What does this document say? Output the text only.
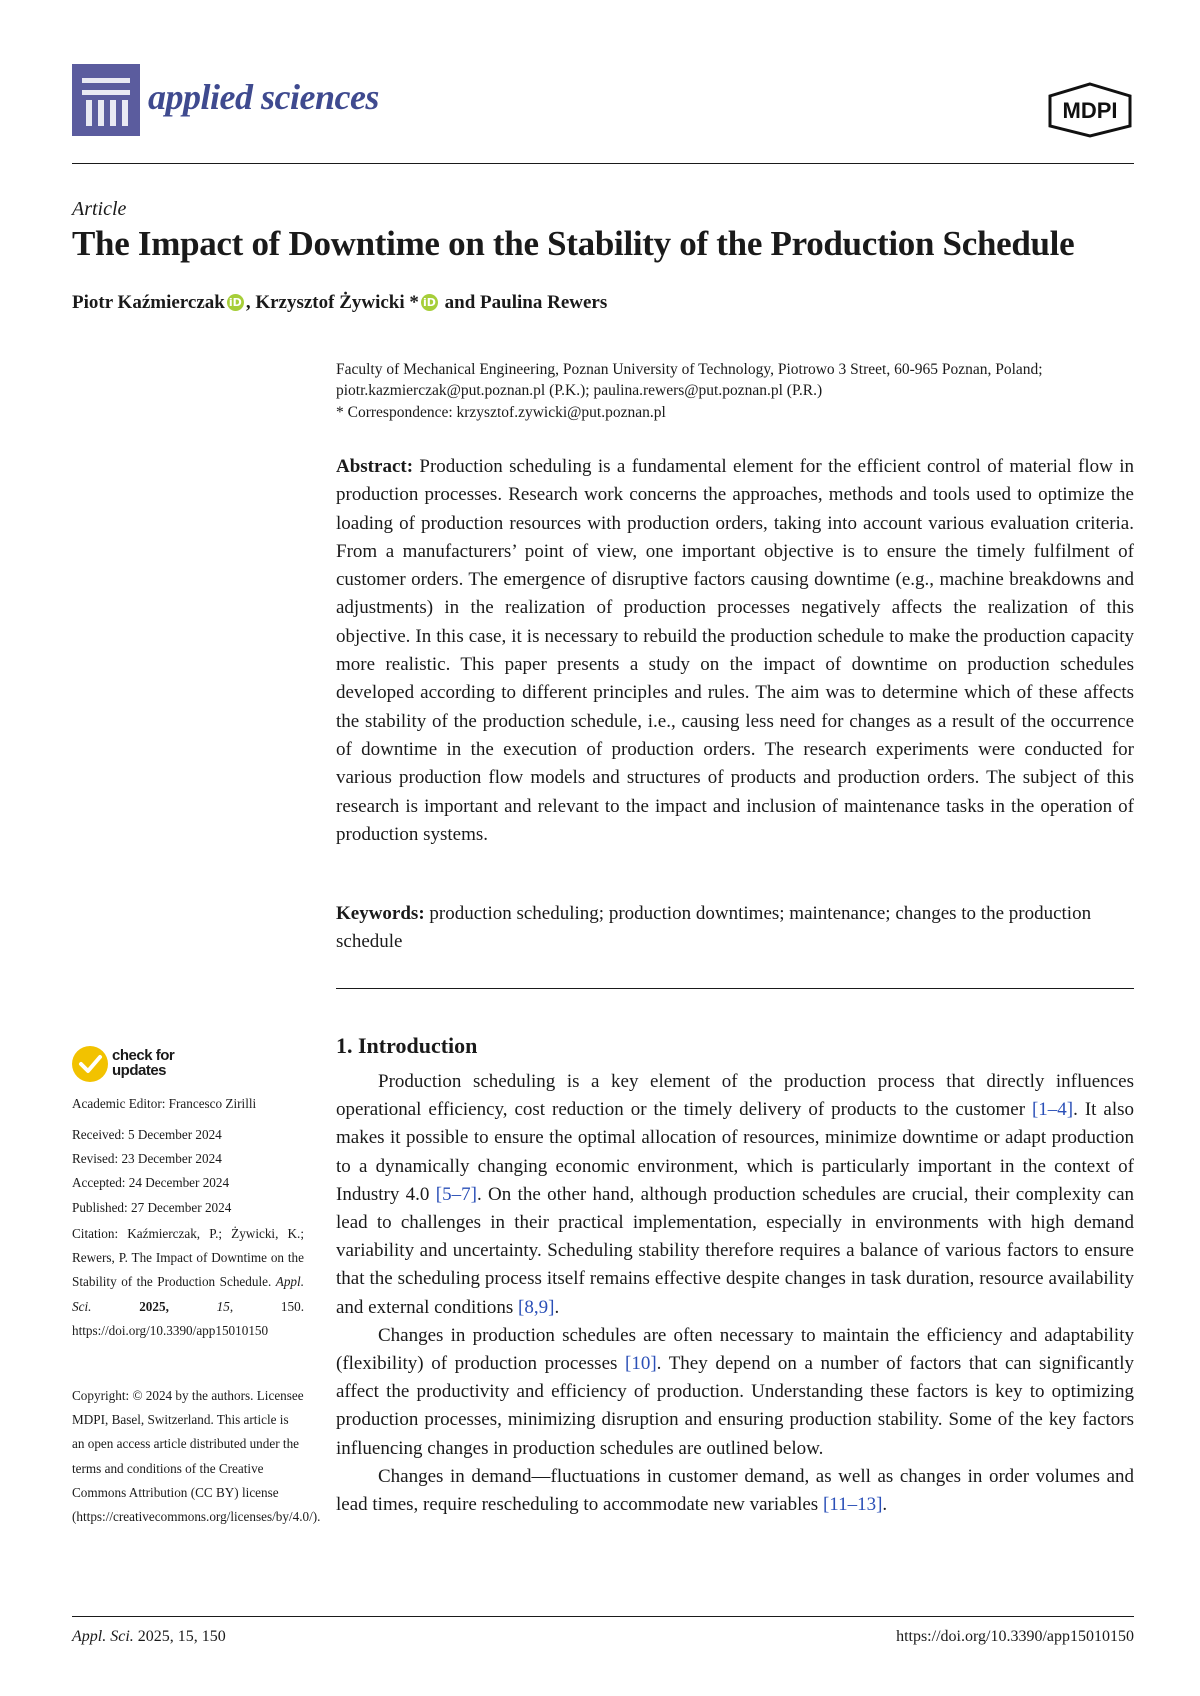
applied sciences	MDPI
Article
The Impact of Downtime on the Stability of the Production Schedule
Piotr Kaźmierczak iD , Krzysztof Żywicki * iD and Paulina Rewers
Faculty of Mechanical Engineering, Poznan University of Technology, Piotrowo 3 Street, 60-965 Poznan, Poland;
piotr.kazmierczak@put.poznan.pl (P.K.); paulina.rewers@put.poznan.pl (P.R.)
* Correspondence: krzysztof.zywicki@put.poznan.pl
Abstract: Production scheduling is a fundamental element for the efficient control of material flow in production processes. Research work concerns the approaches, methods and tools used to optimize the loading of production resources with production orders, taking into account various evaluation criteria. From a manufacturers’ point of view, one important objective is to ensure the timely fulfilment of customer orders. The emergence of disruptive factors causing downtime (e.g., machine breakdowns and adjustments) in the realization of production processes negatively affects the realization of this objective. In this case, it is necessary to rebuild the production schedule to make the production capacity more realistic. This paper presents a study on the impact of downtime on production schedules developed according to different principles and rules. The aim was to determine which of these affects the stability of the production schedule, i.e., causing less need for changes as a result of the occurrence of downtime in the execution of production orders. The research experiments were conducted for various production flow models and structures of products and production orders. The subject of this research is important and relevant to the impact and inclusion of maintenance tasks in the operation of production systems.
Keywords: production scheduling; production downtimes; maintenance; changes to the production schedule
check for
updates
Academic Editor: Francesco Zirilli
Received: 5 December 2024
Revised: 23 December 2024
Accepted: 24 December 2024
Published: 27 December 2024
Citation: Kaźmierczak, P.; Żywicki, K.; Rewers, P. The Impact of Downtime on the Stability of the Production Schedule. Appl. Sci. 2025, 15, 150. https://doi.org/10.3390/app15010150
Copyright: © 2024 by the authors. Licensee MDPI, Basel, Switzerland. This article is an open access article distributed under the terms and conditions of the Creative Commons Attribution (CC BY) license (https://creativecommons.org/licenses/by/4.0/).
1. Introduction

Production scheduling is a key element of the production process that directly influences operational efficiency, cost reduction or the timely delivery of products to the customer [1–4]. It also makes it possible to ensure the optimal allocation of resources, minimize downtime or adapt production to a dynamically changing economic environment, which is particularly important in the context of Industry 4.0 [5–7]. On the other hand, although production schedules are crucial, their complexity can lead to challenges in their practical implementation, especially in environments with high demand variability and uncertainty. Scheduling stability therefore requires a balance of various factors to ensure that the scheduling process itself remains effective despite changes in task duration, resource availability and external conditions [8,9].

Changes in production schedules are often necessary to maintain the efficiency and adaptability (flexibility) of production processes [10]. They depend on a number of factors that can significantly affect the productivity and efficiency of production. Understanding these factors is key to optimizing production processes, minimizing disruption and ensuring production stability. Some of the key factors influencing changes in production schedules are outlined below.

Changes in demand—fluctuations in customer demand, as well as changes in order volumes and lead times, require rescheduling to accommodate new variables [11–13].

Appl. Sci. 2025, 15, 150	https://doi.org/10.3390/app15010150
